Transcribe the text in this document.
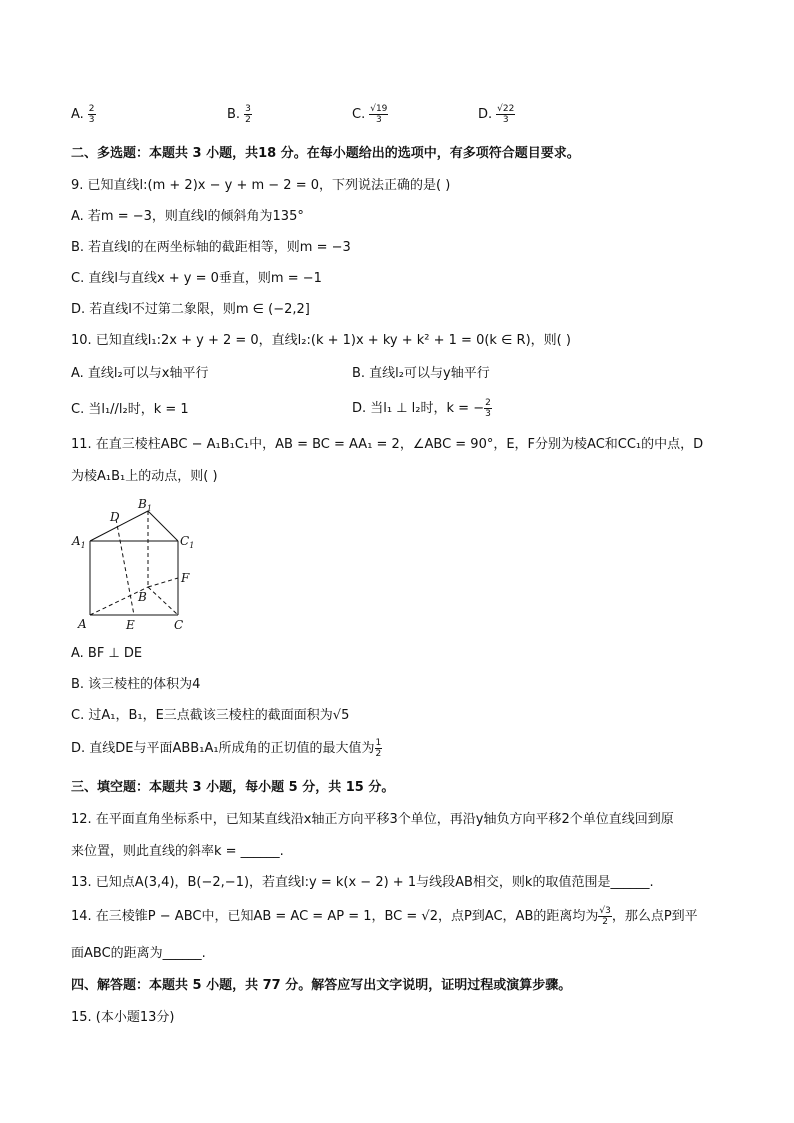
A. $\frac{2}{3}$	B. $\frac{3}{2}$	C. $\frac{√19}{3}$	D. $\frac{√22}{3}$
二、多选题：本题共 3 小题，共18 分。在每小题给出的选项中，有多项符合题目要求。
9. 已知直线l:(m + 2)x − y + m − 2 = 0，下列说法正确的是( )
A. 若m = −3，则直线l的倾斜角为135°
B. 若直线l的在两坐标轴的截距相等，则m = −3
C. 直线l与直线x + y = 0垂直，则m = −1
D. 若直线l不过第二象限，则m ∈ (−2,2]
10. 已知直线l₁:2x + y + 2 = 0，直线l₂:(k + 1)x + ky + k² + 1 = 0(k ∈ R)，则( )
A. 直线l₂可以与x轴平行	B. 直线l₂可以与y轴平行
C. 当l₁//l₂时，k = 1	D. 当l₁ ⊥ l₂时，k = − $\frac{2}{3}$
11. 在直三棱柱ABC − A₁B₁C₁中，AB = BC = AA₁ = 2，∠ABC = 90°，E，F分别为棱AC和CC₁的中点，D
为棱A₁B₁上的动点，则( )
$B_1$
D
$A_1$	$C_1$
F
B
A	E	C
A. BF ⊥ DE
B. 该三棱柱的体积为4
C. 过A₁，B₁，E三点截该三棱柱的截面面积为√5
D. 直线DE与平面ABB₁A₁所成角的正切值的最大值为 $\frac{1}{2}$
三、填空题：本题共 3 小题，每小题 5 分，共 15 分。
12. 在平面直角坐标系中，已知某直线沿x轴正方向平移3个单位，再沿y轴负方向平移2个单位直线回到原
来位置，则此直线的斜率k = ______.
13. 已知点A(3,4)，B(−2,−1)，若直线l:y = k(x − 2) + 1与线段AB相交，则k的取值范围是______.
14. 在三棱锥P − ABC中，已知AB = AC = AP = 1，BC = √2，点P到AC，AB的距离均为 $\frac{√3}{2}$ ，那么点P到平
面ABC的距离为______.
四、解答题：本题共 5 小题，共 77 分。解答应写出文字说明，证明过程或演算步骤。
15. (本小题13分)
